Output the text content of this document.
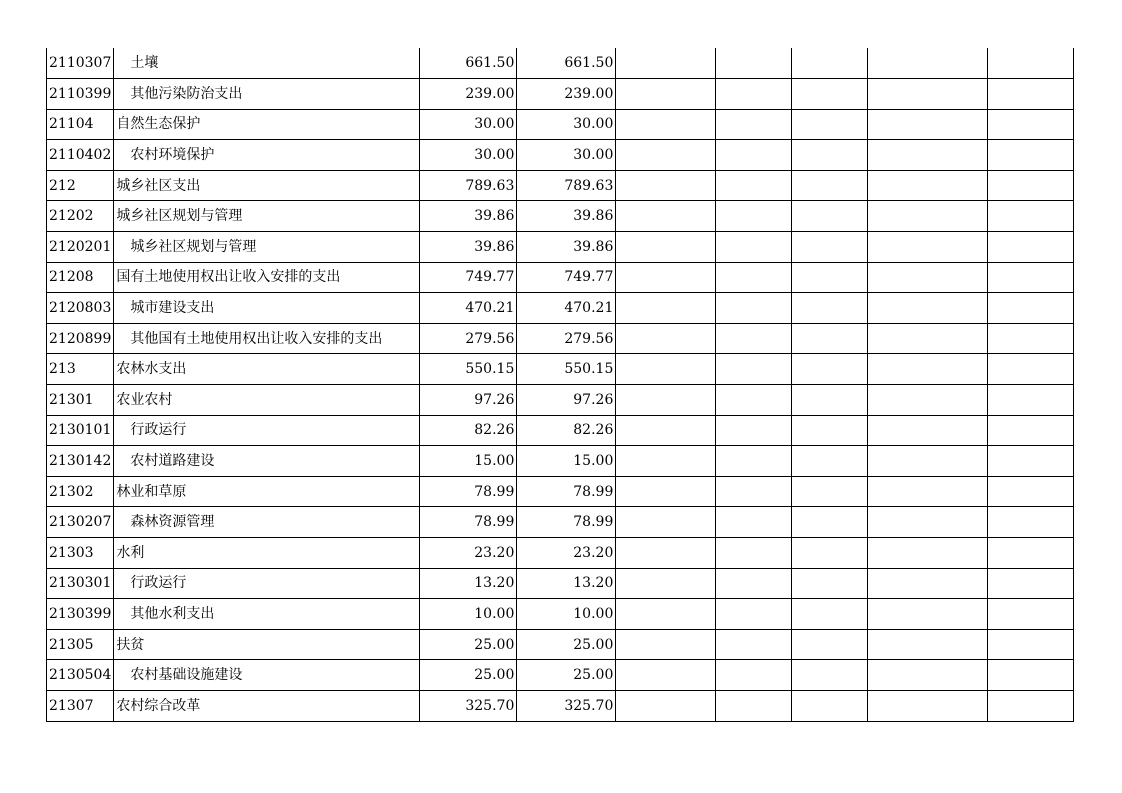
2110307	土壤	661.50	661.50					
2110399	其他污染防治支出	239.00	239.00					
21104	自然生态保护	30.00	30.00					
2110402	农村环境保护	30.00	30.00					
212	城乡社区支出	789.63	789.63					
21202	城乡社区规划与管理	39.86	39.86					
2120201	城乡社区规划与管理	39.86	39.86					
21208	国有土地使用权出让收入安排的支出	749.77	749.77					
2120803	城市建设支出	470.21	470.21					
2120899	其他国有土地使用权出让收入安排的支出	279.56	279.56					
213	农林水支出	550.15	550.15					
21301	农业农村	97.26	97.26					
2130101	行政运行	82.26	82.26					
2130142	农村道路建设	15.00	15.00					
21302	林业和草原	78.99	78.99					
2130207	森林资源管理	78.99	78.99					
21303	水利	23.20	23.20					
2130301	行政运行	13.20	13.20					
2130399	其他水利支出	10.00	10.00					
21305	扶贫	25.00	25.00					
2130504	农村基础设施建设	25.00	25.00					
21307	农村综合改革	325.70	325.70					
